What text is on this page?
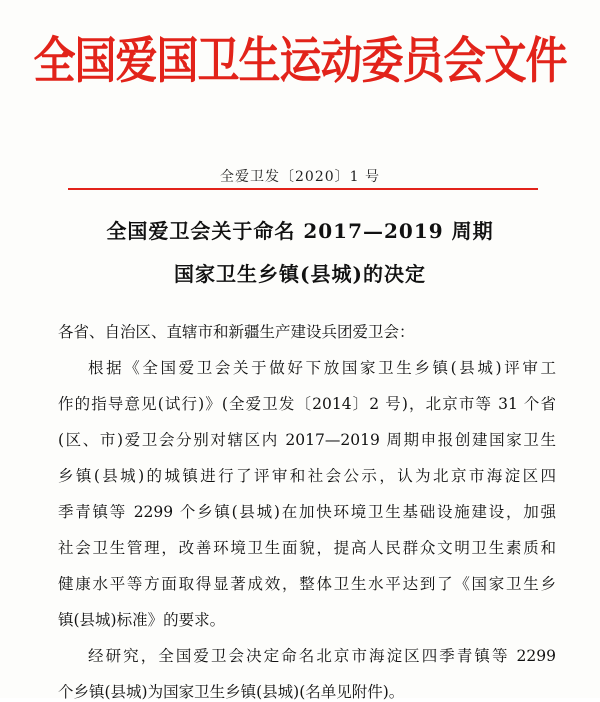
全国爱国卫生运动委员会文件
全爱卫发〔2020〕1 号
全国爱卫会关于命名 2017—2019 周期
国家卫生乡镇(县城)的决定
各省、自治区、直辖市和新疆生产建设兵团爱卫会：
根据《全国爱卫会关于做好下放国家卫生乡镇(县城)评审工
作的指导意见(试行)》(全爱卫发〔2014〕2 号)，北京市等 31 个省
(区、市)爱卫会分别对辖区内 2017—2019 周期申报创建国家卫生
乡镇(县城)的城镇进行了评审和社会公示，认为北京市海淀区四
季青镇等 2299 个乡镇(县城)在加快环境卫生基础设施建设，加强
社会卫生管理，改善环境卫生面貌，提高人民群众文明卫生素质和
健康水平等方面取得显著成效，整体卫生水平达到了《国家卫生乡
镇(县城)标准》的要求。
经研究，全国爱卫会决定命名北京市海淀区四季青镇等 2299
个乡镇(县城)为国家卫生乡镇(县城)(名单见附件)。
